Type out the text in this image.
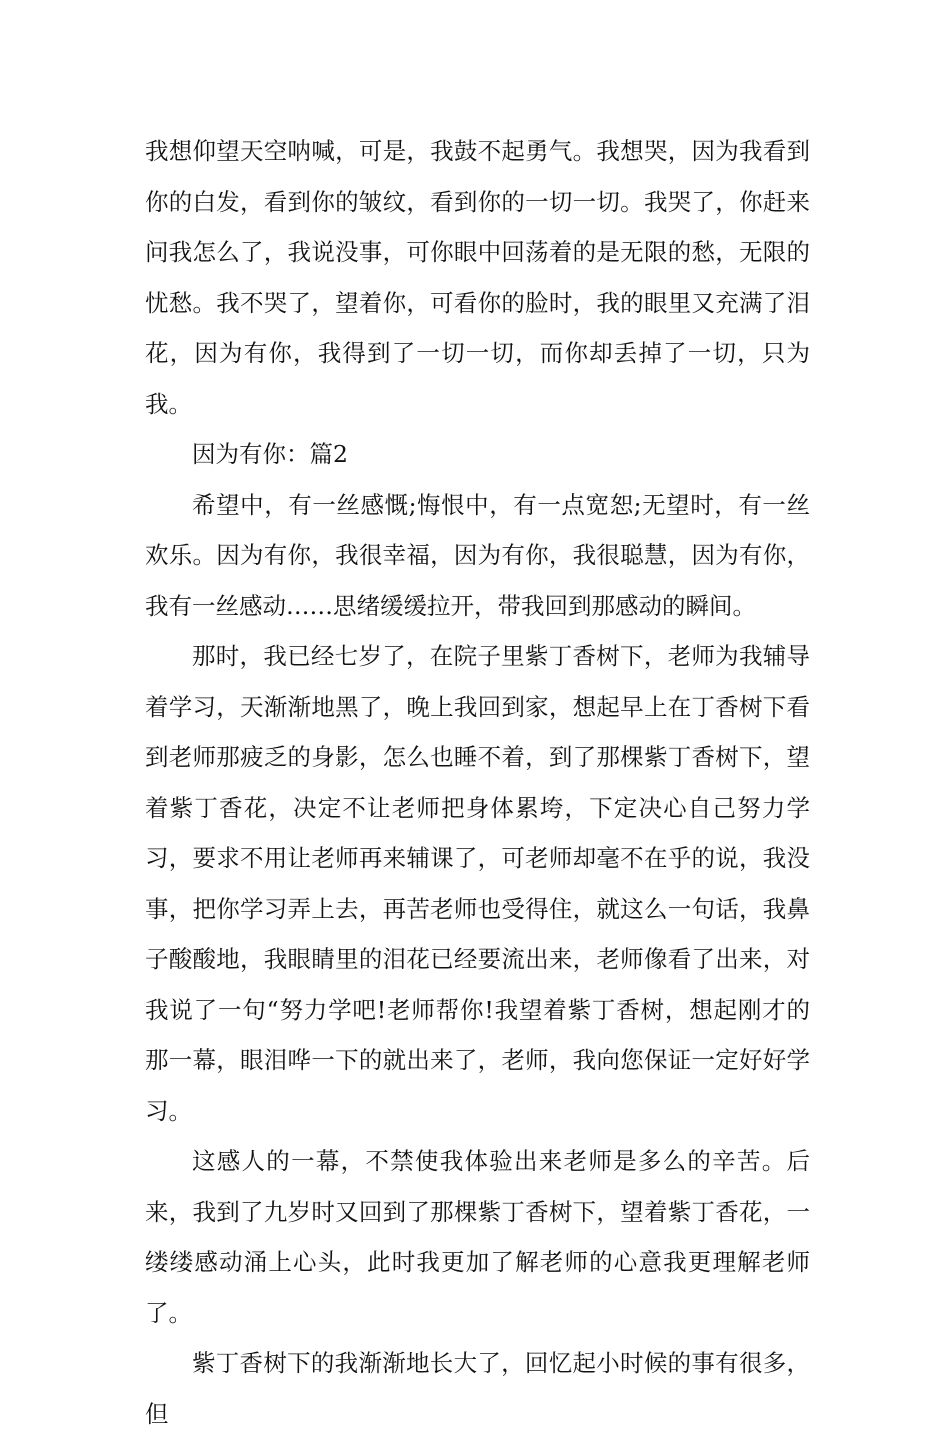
我想仰望天空呐喊，可是，我鼓不起勇气。我想哭，因为我看到你的白发，看到你的皱纹，看到你的一切一切。我哭了，你赶来问我怎么了，我说没事，可你眼中回荡着的是无限的愁，无限的忧愁。我不哭了，望着你，可看你的脸时，我的眼里又充满了泪花，因为有你，我得到了一切一切，而你却丢掉了一切，只为我。

因为有你：篇2

希望中，有一丝感慨;悔恨中，有一点宽恕;无望时，有一丝欢乐。因为有你，我很幸福，因为有你，我很聪慧，因为有你，我有一丝感动……思绪缓缓拉开，带我回到那感动的瞬间。

那时，我已经七岁了，在院子里紫丁香树下，老师为我辅导着学习，天渐渐地黑了，晚上我回到家，想起早上在丁香树下看到老师那疲乏的身影，怎么也睡不着，到了那棵紫丁香树下，望着紫丁香花，决定不让老师把身体累垮，下定决心自己努力学习，要求不用让老师再来辅课了，可老师却毫不在乎的说，我没事，把你学习弄上去，再苦老师也受得住，就这么一句话，我鼻子酸酸地，我眼睛里的泪花已经要流出来，老师像看了出来，对我说了一句“努力学吧!老师帮你!我望着紫丁香树，想起刚才的那一幕，眼泪哗一下的就出来了，老师，我向您保证一定好好学习。

这感人的一幕，不禁使我体验出来老师是多么的辛苦。后来，我到了九岁时又回到了那棵紫丁香树下，望着紫丁香花，一缕缕感动涌上心头，此时我更加了解老师的心意我更理解老师了。

紫丁香树下的我渐渐地长大了，回忆起小时候的事有很多，但
